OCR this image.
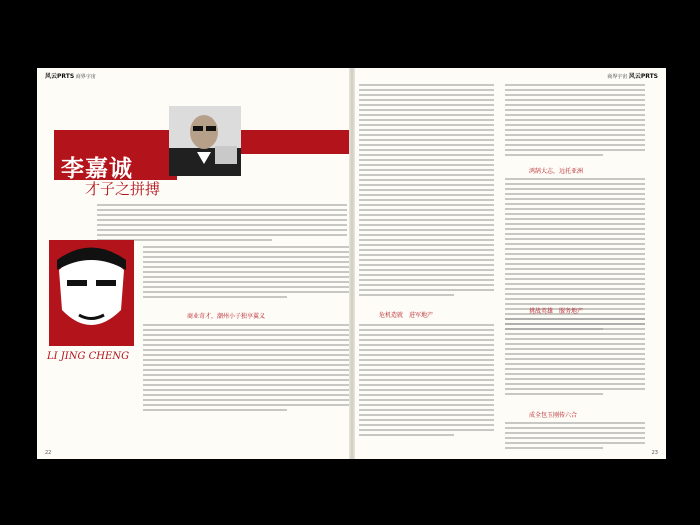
风云PRTS 商界宇宙
李嘉诚
才子之拼搏
LI JING CHENG
商业奇才，潮州小子独享翼义
22
商界宇宙 风云PRTS
危机造就　进军地产
鸿鹄大志，远托亚洲
挑战英雄　服务地产
成全包玉刚传六合
23
